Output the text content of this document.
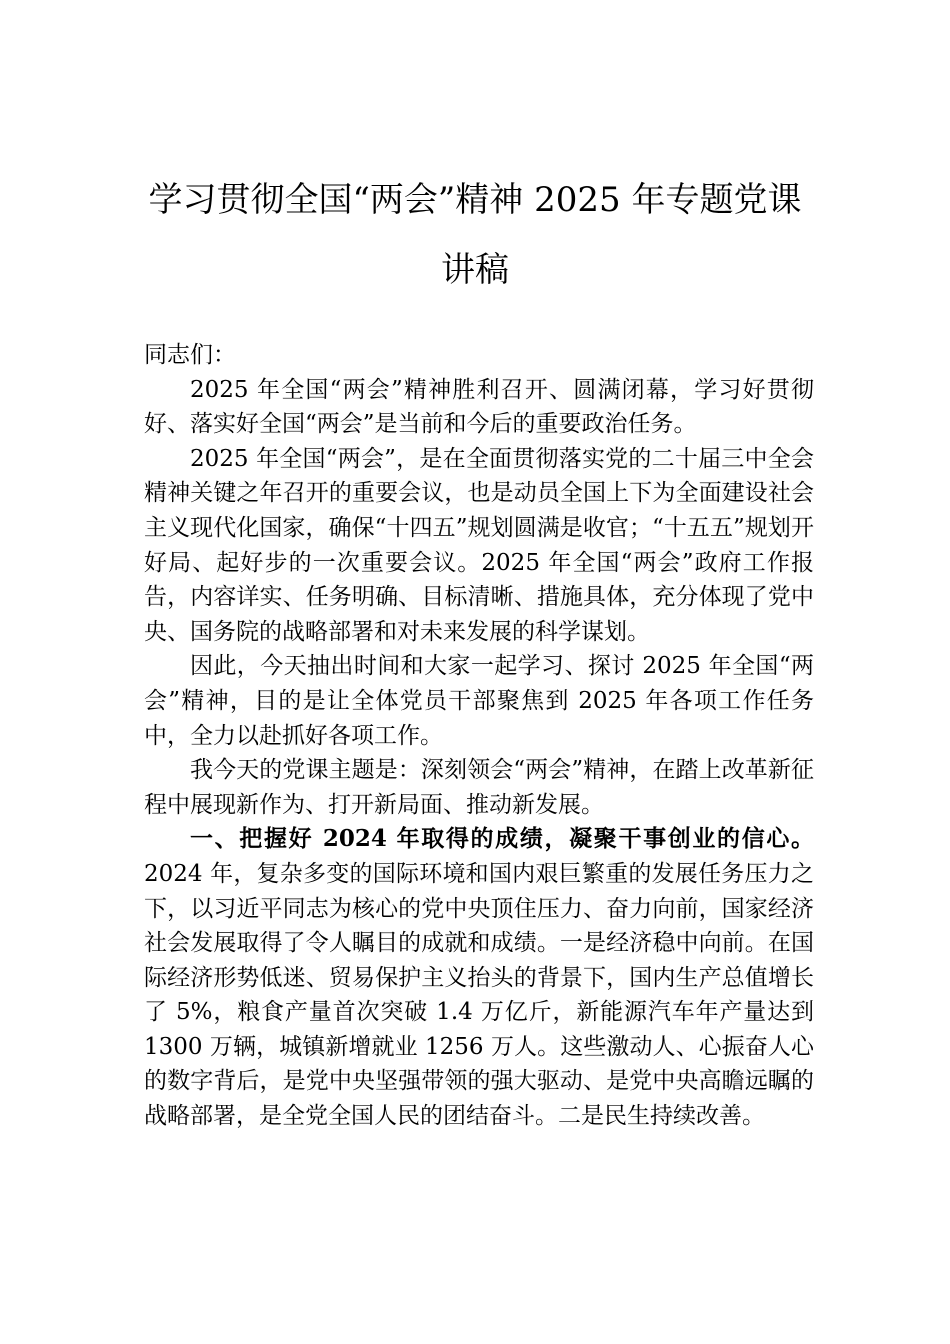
学习贯彻全国“两会”精神 2025 年专题党课
讲稿

同志们：

2025 年全国“两会”精神胜利召开、圆满闭幕，学习好贯彻好、落实好全国“两会”是当前和今后的重要政治任务。

2025 年全国“两会”，是在全面贯彻落实党的二十届三中全会精神关键之年召开的重要会议，也是动员全国上下为全面建设社会主义现代化国家，确保“十四五”规划圆满是收官；“十五五”规划开好局、起好步的一次重要会议。2025 年全国“两会”政府工作报告，内容详实、任务明确、目标清晰、措施具体，充分体现了党中央、国务院的战略部署和对未来发展的科学谋划。

因此，今天抽出时间和大家一起学习、探讨 2025 年全国“两会”精神，目的是让全体党员干部聚焦到 2025 年各项工作任务中，全力以赴抓好各项工作。

我今天的党课主题是：深刻领会“两会”精神，在踏上改革新征程中展现新作为、打开新局面、推动新发展。

一、把握好 2024 年取得的成绩，凝聚干事创业的信心。2024 年，复杂多变的国际环境和国内艰巨繁重的发展任务压力之下，以习近平同志为核心的党中央顶住压力、奋力向前，国家经济社会发展取得了令人瞩目的成就和成绩。一是经济稳中向前。在国际经济形势低迷、贸易保护主义抬头的背景下，国内生产总值增长了 5%，粮食产量首次突破 1.4 万亿斤，新能源汽车年产量达到 1300 万辆，城镇新增就业 1256 万人。这些激动人、心振奋人心的数字背后，是党中央坚强带领的强大驱动、是党中央高瞻远瞩的战略部署，是全党全国人民的团结奋斗。二是民生持续改善。
